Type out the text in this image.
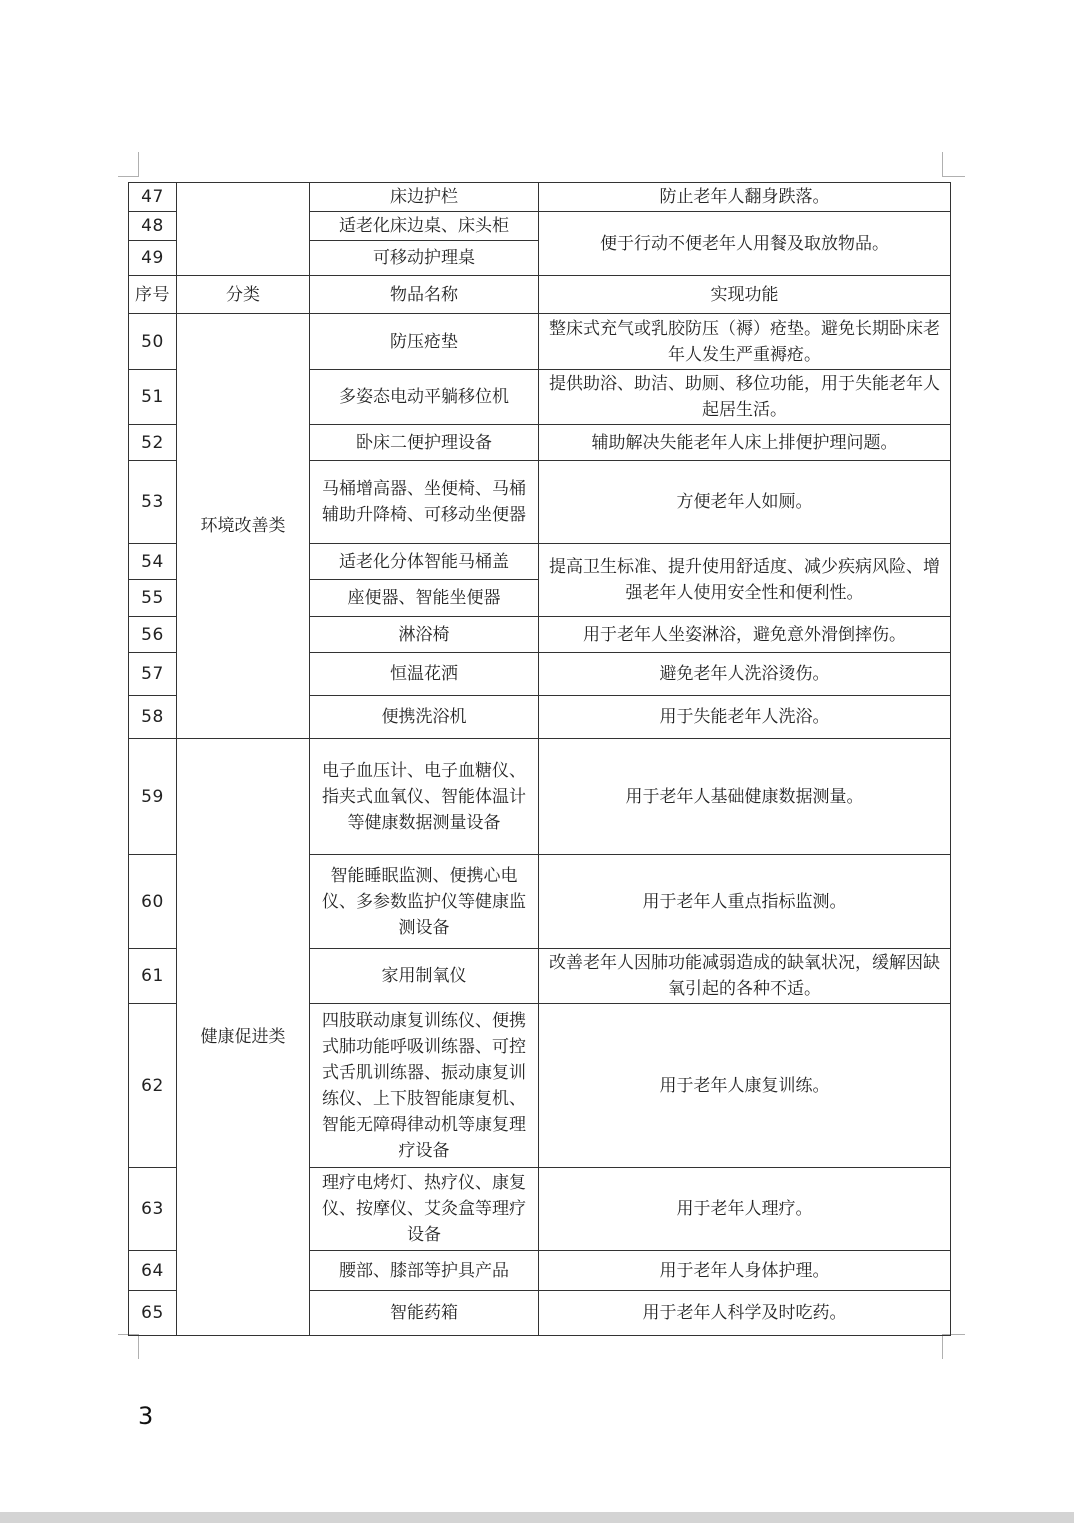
47		床边护栏	防止老年人翻身跌落。
48		适老化床边桌、床头柜	便于行动不便老年人用餐及取放物品。
49		可移动护理桌	
序号	分类	物品名称	实现功能
50	环境改善类	防压疮垫	整床式充气或乳胶防压（褥）疮垫。避免长期卧床老年人发生严重褥疮。
51		多姿态电动平躺移位机	提供助浴、助洁、助厕、移位功能，用于失能老年人起居生活。
52		卧床二便护理设备	辅助解决失能老年人床上排便护理问题。
53		马桶增高器、坐便椅、马桶辅助升降椅、可移动坐便器	方便老年人如厕。
54		适老化分体智能马桶盖	提高卫生标准、提升使用舒适度、减少疾病风险、增强老年人使用安全性和便利性。
55		座便器、智能坐便器	
56		淋浴椅	用于老年人坐姿淋浴，避免意外滑倒摔伤。
57		恒温花洒	避免老年人洗浴烫伤。
58		便携洗浴机	用于失能老年人洗浴。
59	健康促进类	电子血压计、电子血糖仪、指夹式血氧仪、智能体温计等健康数据测量设备	用于老年人基础健康数据测量。
60		智能睡眠监测、便携心电仪、多参数监护仪等健康监测设备	用于老年人重点指标监测。
61		家用制氧仪	改善老年人因肺功能减弱造成的缺氧状况，缓解因缺氧引起的各种不适。
62		四肢联动康复训练仪、便携式肺功能呼吸训练器、可控式舌肌训练器、振动康复训练仪、上下肢智能康复机、智能无障碍律动机等康复理疗设备	用于老年人康复训练。
63		理疗电烤灯、热疗仪、康复仪、按摩仪、艾灸盒等理疗设备	用于老年人理疗。
64		腰部、膝部等护具产品	用于老年人身体护理。
65		智能药箱	用于老年人科学及时吃药。
3
